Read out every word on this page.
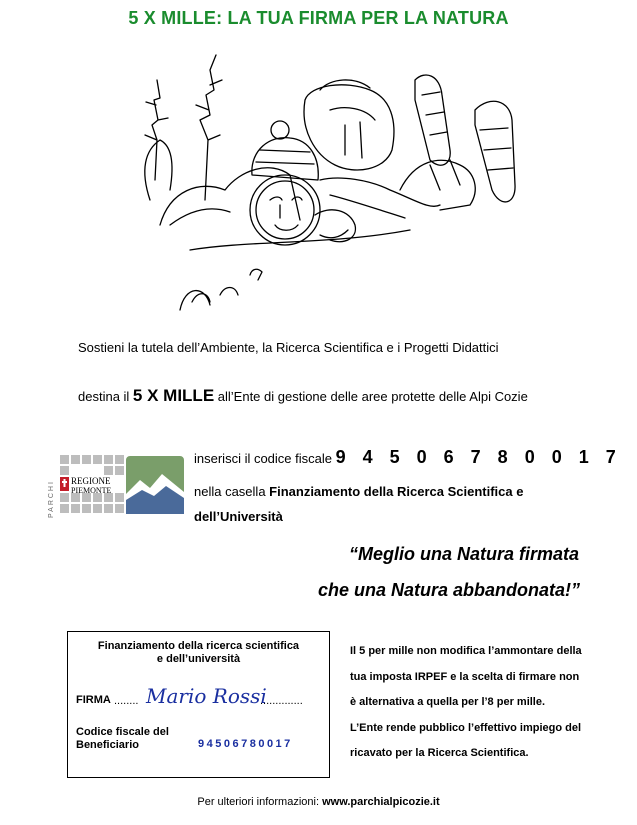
5 X MILLE: LA TUA FIRMA PER LA NATURA
Sostieni la tutela dell’Ambiente, la Ricerca Scientifica e i Progetti Didattici
destina il 5 X MILLE all’Ente di gestione delle aree protette delle Alpi Cozie
PARCHI REGIONE
PIEMONTE
inserisci il codice fiscale 9 4 5 0 6 7 8 0 0 1 7
nella casella Finanziamento della Ricerca Scientifica e
dell’Università
“Meglio una Natura firmata
che una Natura abbandonata!”
Finanziamento della ricerca scientifica
e dell’università
FIRMA ........ Mario Rossi
..............
Codice fiscale del
Beneficiario	94506780017
Il 5 per mille non modifica l’ammontare della
tua imposta IRPEF e la scelta di firmare non
è alternativa a quella per l’8 per mille.
L’Ente rende pubblico l’effettivo impiego del
ricavato per la Ricerca Scientifica.
Per ulteriori informazioni: www.parchialpicozie.it
